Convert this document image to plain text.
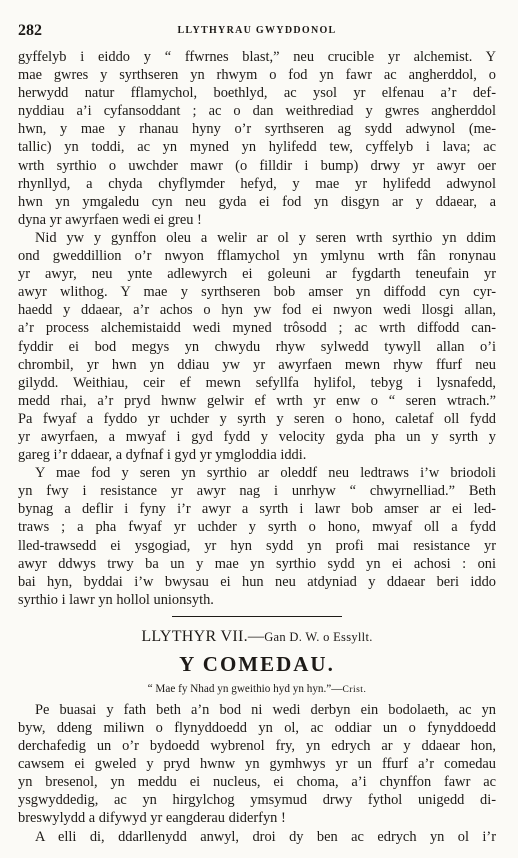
282	LLYTHYRAU GWYDDONOL
gyffelyb i eiddo y “ ffwrnes blast,” neu crucible yr alchemist. Y
mae gwres y syrthseren yn rhwym o fod yn fawr ac angherddol, o
herwydd natur fflamychol, boethlyd, ac ysol yr elfenau a’r def-
nyddiau a’i cyfansoddant ; ac o dan weithrediad y gwres angherddol
hwn, y mae y rhanau hyny o’r syrthseren ag sydd adwynol (me-
tallic) yn toddi, ac yn myned yn hylifedd tew, cyffelyb i lava; ac
wrth syrthio o uwchder mawr (o filldir i bump) drwy yr awyr oer
rhynllyd, a chyda chyflymder hefyd, y mae yr hylifedd adwynol
hwn yn ymgaledu cyn neu gyda ei fod yn disgyn ar y ddaear, a
dyna yr awyrfaen wedi ei greu !
Nid yw y gynffon oleu a welir ar ol y seren wrth syrthio yn ddim
ond gweddillion o’r nwyon fflamychol yn ymlynu wrth fân ronynau
yr awyr, neu ynte adlewyrch ei goleuni ar fygdarth teneufain yr
awyr wlithog. Y mae y syrthseren bob amser yn diffodd cyn cyr-
haedd y ddaear, a’r achos o hyn yw fod ei nwyon wedi llosgi allan,
a’r process alchemistaidd wedi myned trôsodd ; ac wrth diffodd can-
fyddir ei bod megys yn chwydu rhyw sylwedd tywyll allan o’i
chrombil, yr hwn yn ddiau yw yr awyrfaen mewn rhyw ffurf neu
gilydd. Weithiau, ceir ef mewn sefyllfa hylifol, tebyg i lysnafedd,
medd rhai, a’r pryd hwnw gelwir ef wrth yr enw o “ seren wtrach.”
Pa fwyaf a fyddo yr uchder y syrth y seren o hono, caletaf oll fydd
yr awyrfaen, a mwyaf i gyd fydd y velocity gyda pha un y syrth y
gareg i’r ddaear, a dyfnaf i gyd yr ymgloddia iddi.
Y mae fod y seren yn syrthio ar oleddf neu ledtraws i’w briodoli
yn fwy i resistance yr awyr nag i unrhyw “ chwyrnelliad.” Beth
bynag a deflir i fyny i’r awyr a syrth i lawr bob amser ar ei led-
traws ; a pha fwyaf yr uchder y syrth o hono, mwyaf oll a fydd
lled-trawsedd ei ysgogiad, yr hyn sydd yn profi mai resistance yr
awyr ddwys trwy ba un y mae yn syrthio sydd yn ei achosi : oni
bai hyn, byddai i’w bwysau ei hun neu atdyniad y ddaear beri iddo
syrthio i lawr yn hollol unionsyth.
LLYTHYR VII.—Gan D. W. o Essyllt.
Y COMEDAU.
“ Mae fy Nhad yn gweithio hyd yn hyn.”—Crist.
Pe buasai y fath beth a’n bod ni wedi derbyn ein bodolaeth, ac yn
byw, ddeng miliwn o flynyddoedd yn ol, ac oddiar un o fynyddoedd
derchafedig un o’r bydoedd wybrenol fry, yn edrych ar y ddaear hon,
cawsem ei gweled y pryd hwnw yn gymhwys yr un ffurf a’r comedau
yn bresenol, yn meddu ei nucleus, ei choma, a’i chynffon fawr ac
ysgwyddedig, ac yn hirgylchog ymsymud drwy fythol unigedd di-
breswylydd a difywyd yr eangderau diderfyn !
A elli di, ddarllenydd anwyl, droi dy ben ac edrych yn ol i’r
